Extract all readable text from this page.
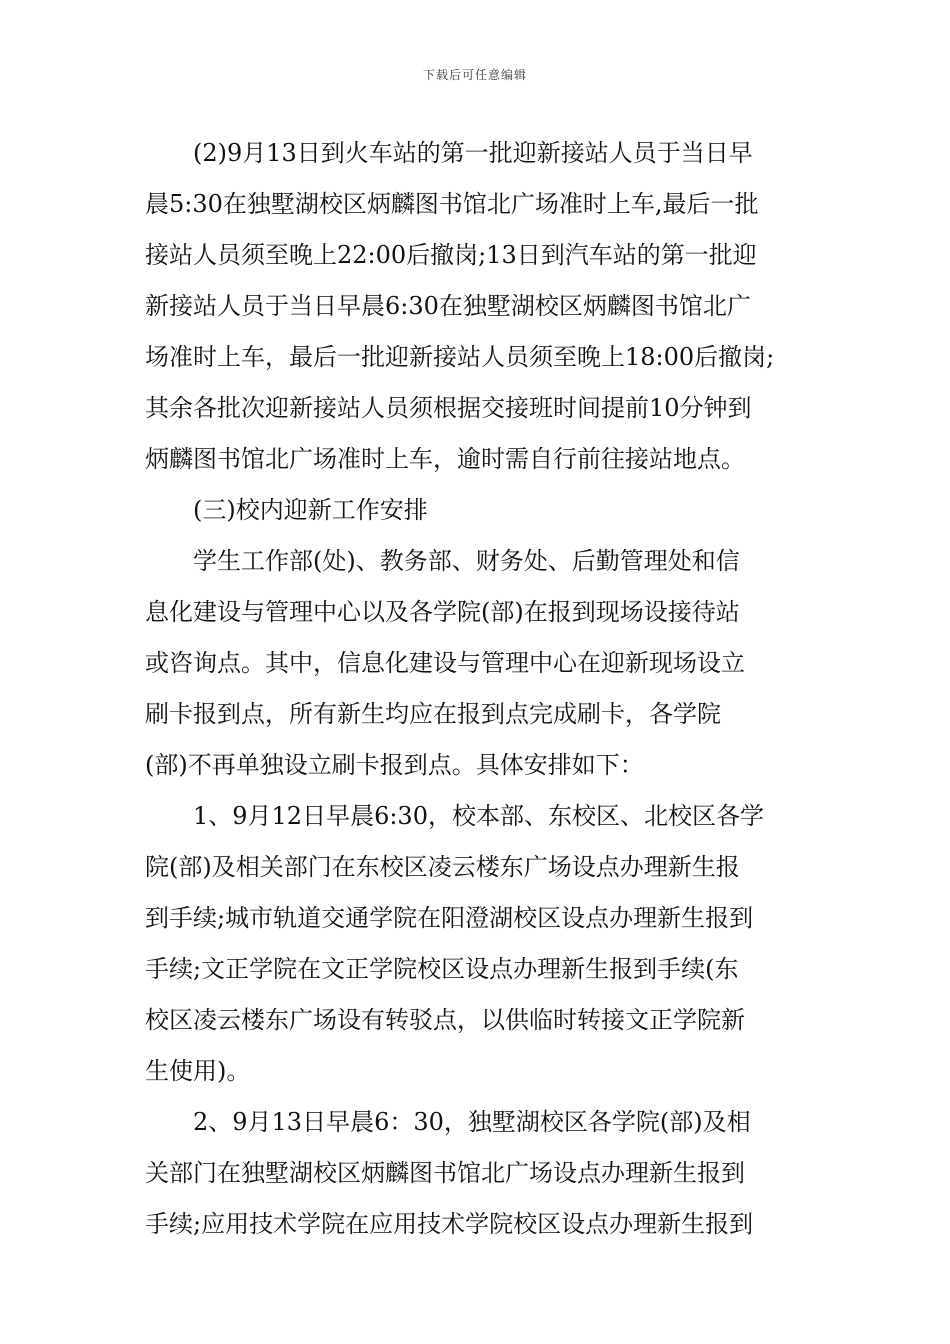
下载后可任意编辑
(2)9月13日到火车站的第一批迎新接站人员于当日早
晨5:30在独墅湖校区炳麟图书馆北广场准时上车,最后一批
接站人员须至晚上22:00后撤岗;13日到汽车站的第一批迎
新接站人员于当日早晨6:30在独墅湖校区炳麟图书馆北广
场准时上车，最后一批迎新接站人员须至晚上18:00后撤岗;
其余各批次迎新接站人员须根据交接班时间提前10分钟到
炳麟图书馆北广场准时上车，逾时需自行前往接站地点。
(三)校内迎新工作安排
学生工作部(处)、教务部、财务处、后勤管理处和信
息化建设与管理中心以及各学院(部)在报到现场设接待站
或咨询点。其中，信息化建设与管理中心在迎新现场设立
刷卡报到点，所有新生均应在报到点完成刷卡，各学院
(部)不再单独设立刷卡报到点。具体安排如下：
1、9月12日早晨6:30，校本部、东校区、北校区各学
院(部)及相关部门在东校区凌云楼东广场设点办理新生报
到手续;城市轨道交通学院在阳澄湖校区设点办理新生报到
手续;文正学院在文正学院校区设点办理新生报到手续(东
校区凌云楼东广场设有转驳点，以供临时转接文正学院新
生使用)。
2、9月13日早晨6：30，独墅湖校区各学院(部)及相
关部门在独墅湖校区炳麟图书馆北广场设点办理新生报到
手续;应用技术学院在应用技术学院校区设点办理新生报到
